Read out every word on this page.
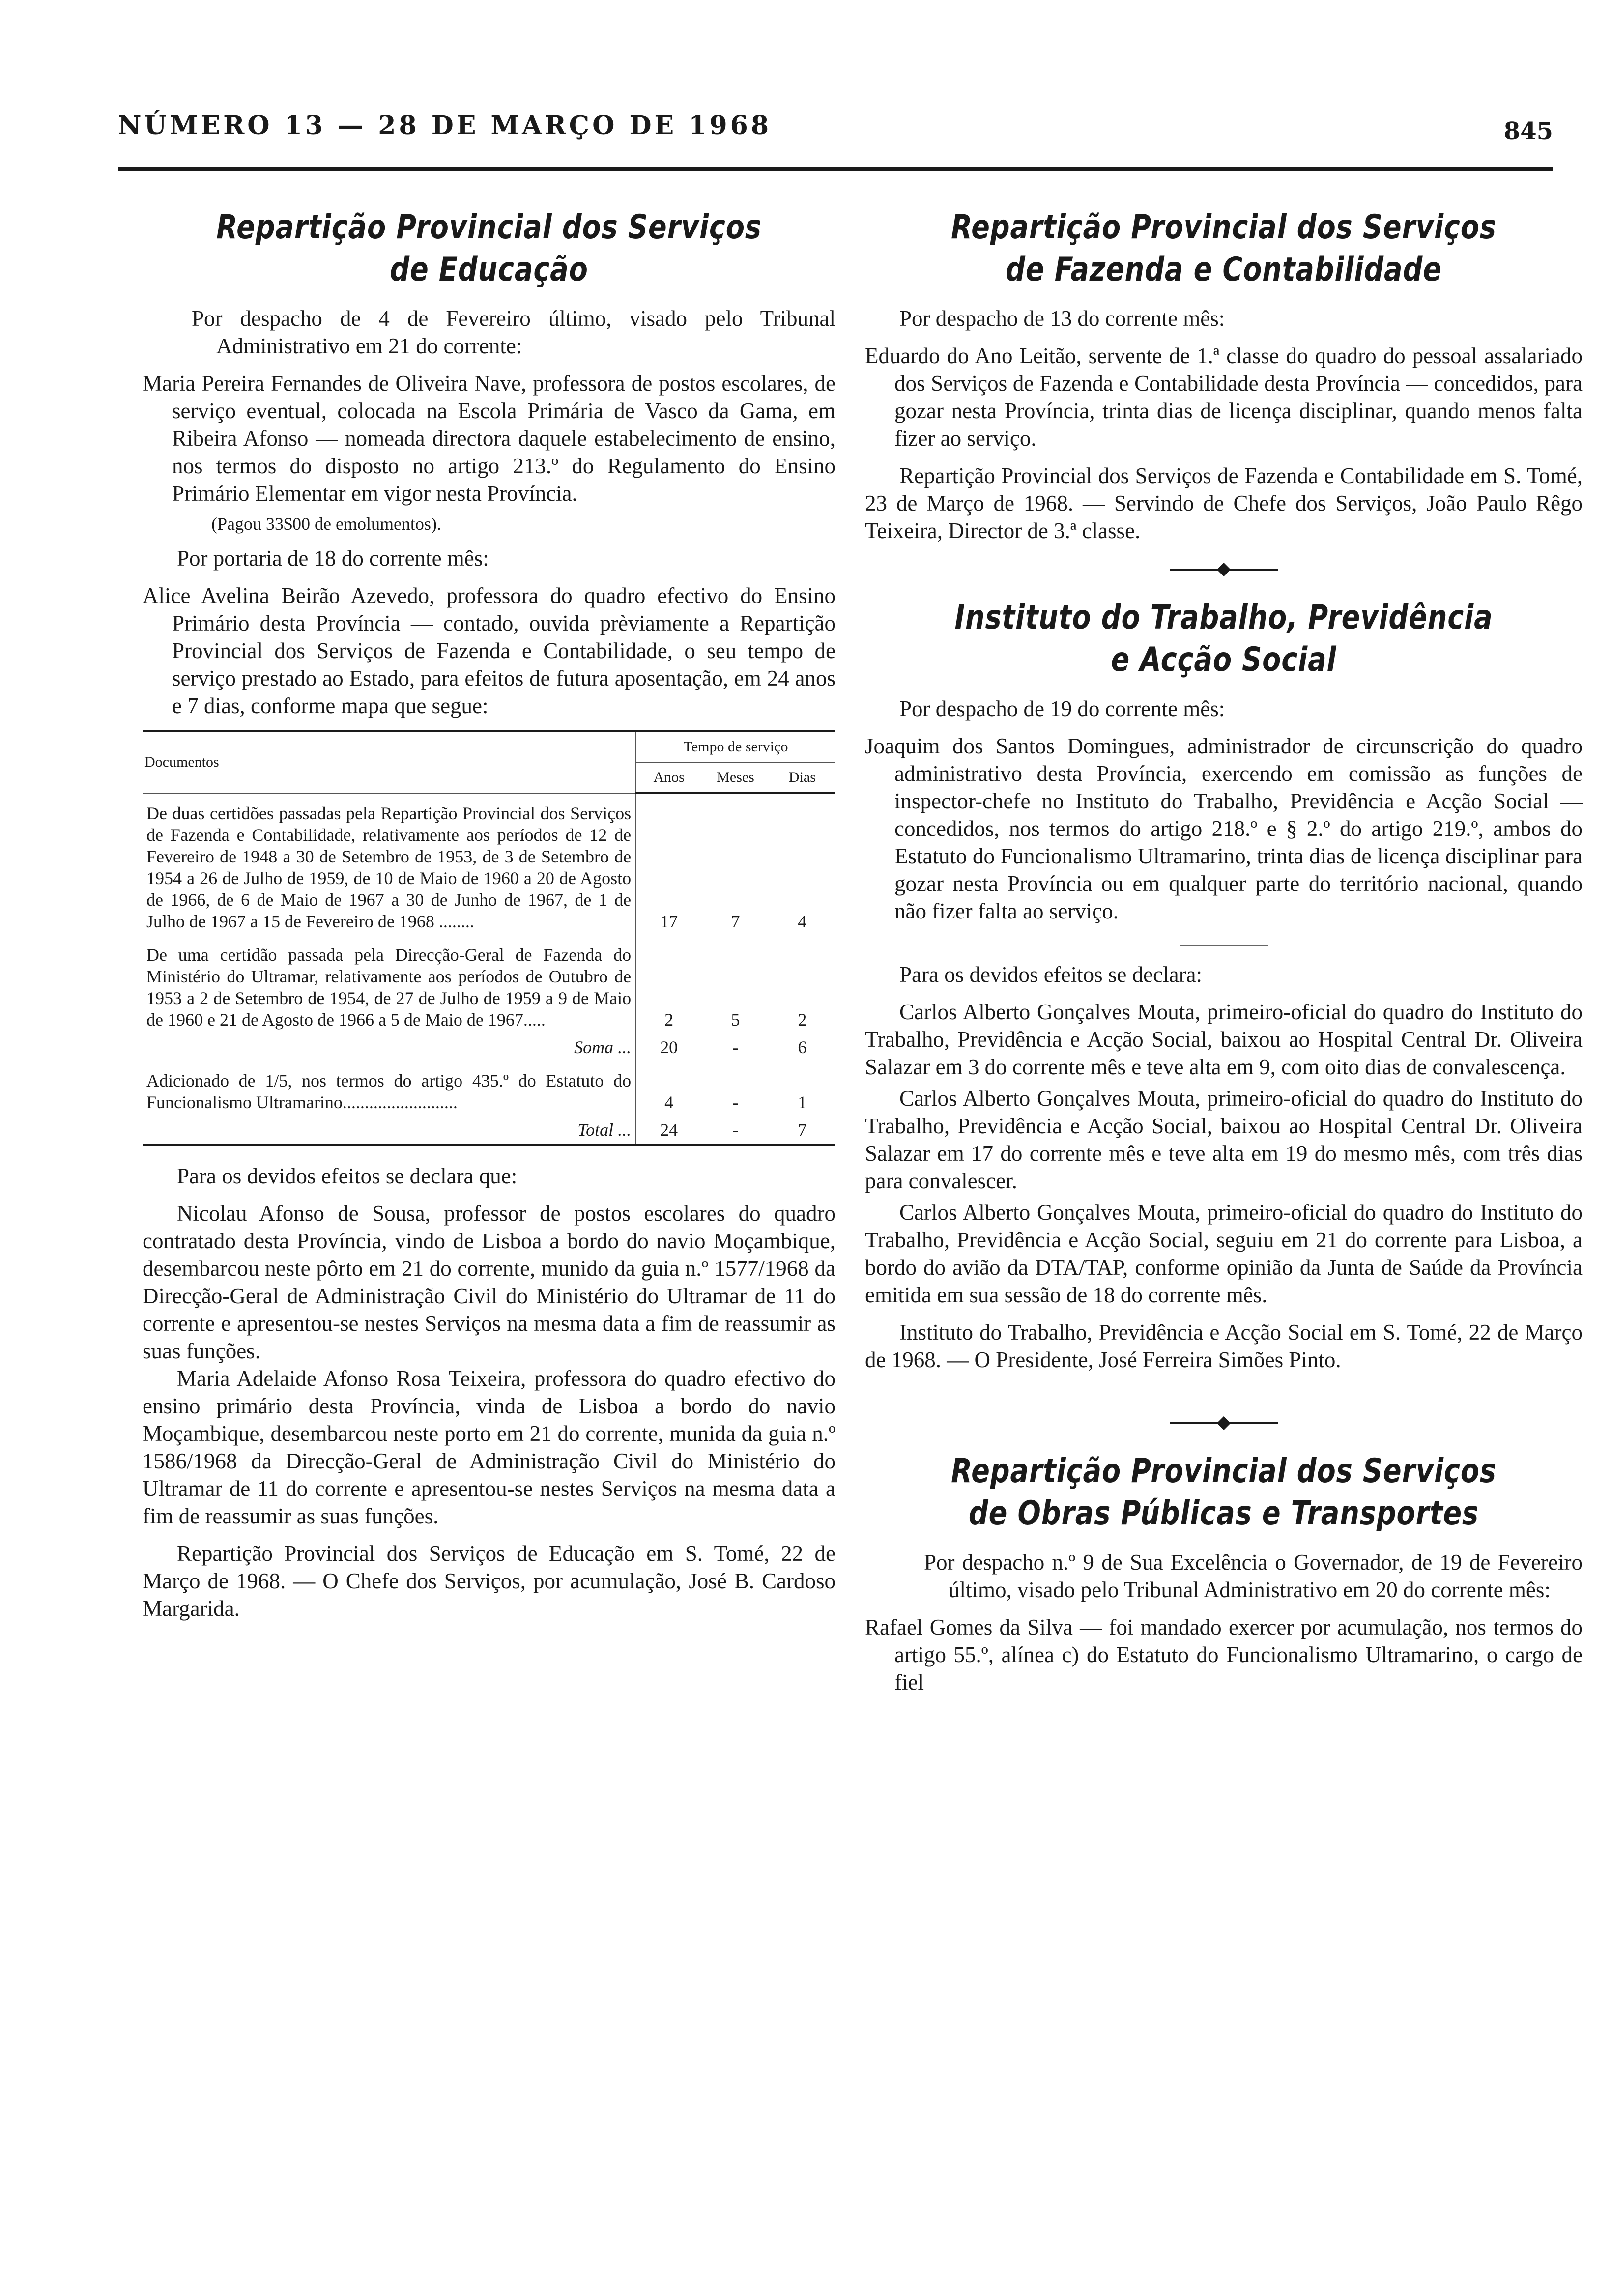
NÚMERO 13 — 28 DE MARÇO DE 1968	845
Repartição Provincial dos Serviços
de Educação

Por despacho de 4 de Fevereiro último, visado pelo Tribunal Administrativo em 21 do corrente:

Maria Pereira Fernandes de Oliveira Nave, professora de postos escolares, de serviço eventual, colocada na Escola Primária de Vasco da Gama, em Ribeira Afonso — nomeada directora daquele estabelecimento de ensino, nos termos do disposto no artigo 213.º do Regulamento do Ensino Primário Elementar em vigor nesta Província.

(Pagou 33$00 de emolumentos).

Por portaria de 18 do corrente mês:

Alice Avelina Beirão Azevedo, professora do quadro efectivo do Ensino Primário desta Província — contado, ouvida prèviamente a Repartição Provincial dos Serviços de Fazenda e Contabilidade, o seu tempo de serviço prestado ao Estado, para efeitos de futura aposentação, em 24 anos e 7 dias, conforme mapa que segue:

Documentos	Tempo de serviço		
	Anos	Meses	Dias
De duas certidões passadas pela Repartição Provincial dos Serviços de Fazenda e Contabilidade, relativamente aos períodos de 12 de Fevereiro de 1948 a 30 de Setembro de 1953, de 3 de Setembro de 1954 a 26 de Julho de 1959, de 10 de Maio de 1960 a 20 de Agosto de 1966, de 6 de Maio de 1967 a 30 de Junho de 1967, de 1 de Julho de 1967 a 15 de Fevereiro de 1968 ........	17	7	4
De uma certidão passada pela Direcção-Geral de Fazenda do Ministério do Ultramar, relativamente aos períodos de Outubro de 1953 a 2 de Setembro de 1954, de 27 de Julho de 1959 a 9 de Maio de 1960 e 21 de Agosto de 1966 a 5 de Maio de 1967.....	2	5	2
Soma ...	20	-	6
Adicionado de 1/5, nos termos do artigo 435.º do Estatuto do Funcionalismo Ultramarino..........................	4	-	1
Total ...	24	-	7

Para os devidos efeitos se declara que:

Nicolau Afonso de Sousa, professor de postos escolares do quadro contratado desta Província, vindo de Lisboa a bordo do navio Moçambique, desembarcou neste pôrto em 21 do corrente, munido da guia n.º 1577/1968 da Direcção-Geral de Administração Civil do Ministério do Ultramar de 11 do corrente e apresentou-se nestes Serviços na mesma data a fim de reassumir as suas funções.

Maria Adelaide Afonso Rosa Teixeira, professora do quadro efectivo do ensino primário desta Província, vinda de Lisboa a bordo do navio Moçambique, desembarcou neste porto em 21 do corrente, munida da guia n.º 1586/1968 da Direcção-Geral de Administração Civil do Ministério do Ultramar de 11 do corrente e apresentou-se nestes Serviços na mesma data a fim de reassumir as suas funções.

Repartição Provincial dos Serviços de Educação em S. Tomé, 22 de Março de 1968. — O Chefe dos Serviços, por acumulação, José B. Cardoso Margarida.

Repartição Provincial dos Serviços
de Fazenda e Contabilidade

Por despacho de 13 do corrente mês:

Eduardo do Ano Leitão, servente de 1.ª classe do quadro do pessoal assalariado dos Serviços de Fazenda e Contabilidade desta Província — concedidos, para gozar nesta Província, trinta dias de licença disciplinar, quando menos falta fizer ao serviço.

Repartição Provincial dos Serviços de Fazenda e Contabilidade em S. Tomé, 23 de Março de 1968. — Servindo de Chefe dos Serviços, João Paulo Rêgo Teixeira, Director de 3.ª classe.

Instituto do Trabalho, Previdência
e Acção Social

Por despacho de 19 do corrente mês:

Joaquim dos Santos Domingues, administrador de circunscrição do quadro administrativo desta Província, exercendo em comissão as funções de inspector-chefe no Instituto do Trabalho, Previdência e Acção Social — concedidos, nos termos do artigo 218.º e § 2.º do artigo 219.º, ambos do Estatuto do Funcionalismo Ultramarino, trinta dias de licença disciplinar para gozar nesta Província ou em qualquer parte do território nacional, quando não fizer falta ao serviço.

Para os devidos efeitos se declara:

Carlos Alberto Gonçalves Mouta, primeiro-oficial do quadro do Instituto do Trabalho, Previdência e Acção Social, baixou ao Hospital Central Dr. Oliveira Salazar em 3 do corrente mês e teve alta em 9, com oito dias de convalescença.

Carlos Alberto Gonçalves Mouta, primeiro-oficial do quadro do Instituto do Trabalho, Previdência e Acção Social, baixou ao Hospital Central Dr. Oliveira Salazar em 17 do corrente mês e teve alta em 19 do mesmo mês, com três dias para convalescer.

Carlos Alberto Gonçalves Mouta, primeiro-oficial do quadro do Instituto do Trabalho, Previdência e Acção Social, seguiu em 21 do corrente para Lisboa, a bordo do avião da DTA/TAP, conforme opinião da Junta de Saúde da Província emitida em sua sessão de 18 do corrente mês.

Instituto do Trabalho, Previdência e Acção Social em S. Tomé, 22 de Março de 1968. — O Presidente, José Ferreira Simões Pinto.

Repartição Provincial dos Serviços
de Obras Públicas e Transportes

Por despacho n.º 9 de Sua Excelência o Governador, de 19 de Fevereiro último, visado pelo Tribunal Administrativo em 20 do corrente mês:

Rafael Gomes da Silva — foi mandado exercer por acumulação, nos termos do artigo 55.º, alínea c) do Estatuto do Funcionalismo Ultramarino, o cargo de fiel
